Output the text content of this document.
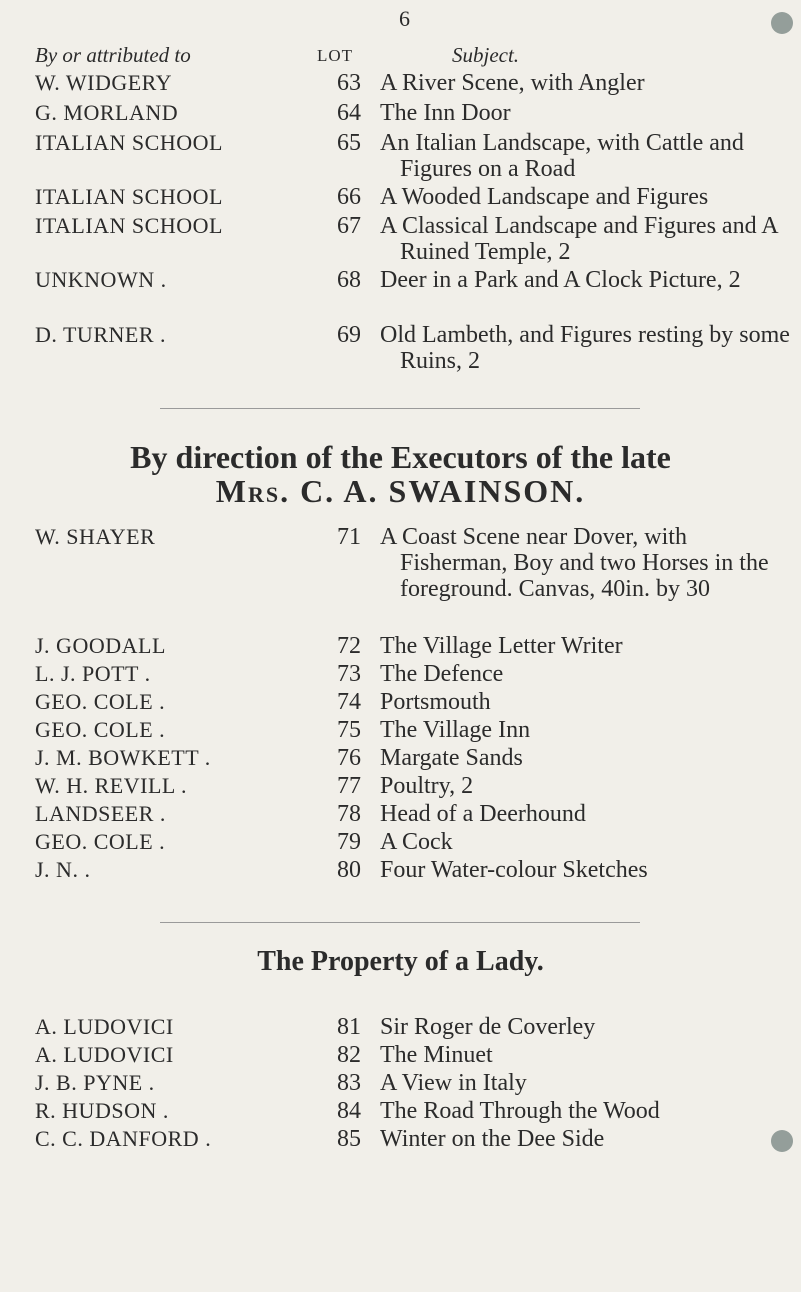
6
By or attributed to	LOT	Subject.
W. WIDGERY	63 A River Scene, with Angler
G. MORLAND	64 The Inn Door
ITALIAN SCHOOL	65 An Italian Landscape, with Cattle and Figures on a Road
ITALIAN SCHOOL	66 A Wooded Landscape and Figures
ITALIAN SCHOOL	67 A Classical Landscape and Figures and A Ruined Temple, 2
UNKNOWN .	68 Deer in a Park and A Clock Picture, 2
D. TURNER .	69 Old Lambeth, and Figures resting by some Ruins, 2
By direction of the Executors of the late
Mrs. C. A. SWAINSON.
W. SHAYER	71 A Coast Scene near Dover, with Fisherman, Boy and two Horses in the foreground. Canvas, 40in. by 30
J. GOODALL	72 The Village Letter Writer
L. J. POTT .	73 The Defence
GEO. COLE .	74 Portsmouth
GEO. COLE .	75 The Village Inn
J. M. BOWKETT .	76 Margate Sands
W. H. REVILL .	77 Poultry, 2
LANDSEER .	78 Head of a Deerhound
GEO. COLE .	79 A Cock
J. N. .	80 Four Water-colour Sketches
The Property of a Lady.
A. LUDOVICI	81 Sir Roger de Coverley
A. LUDOVICI	82 The Minuet
J. B. PYNE .	83 A View in Italy
R. HUDSON .	84 The Road Through the Wood
C. C. DANFORD .	85 Winter on the Dee Side
